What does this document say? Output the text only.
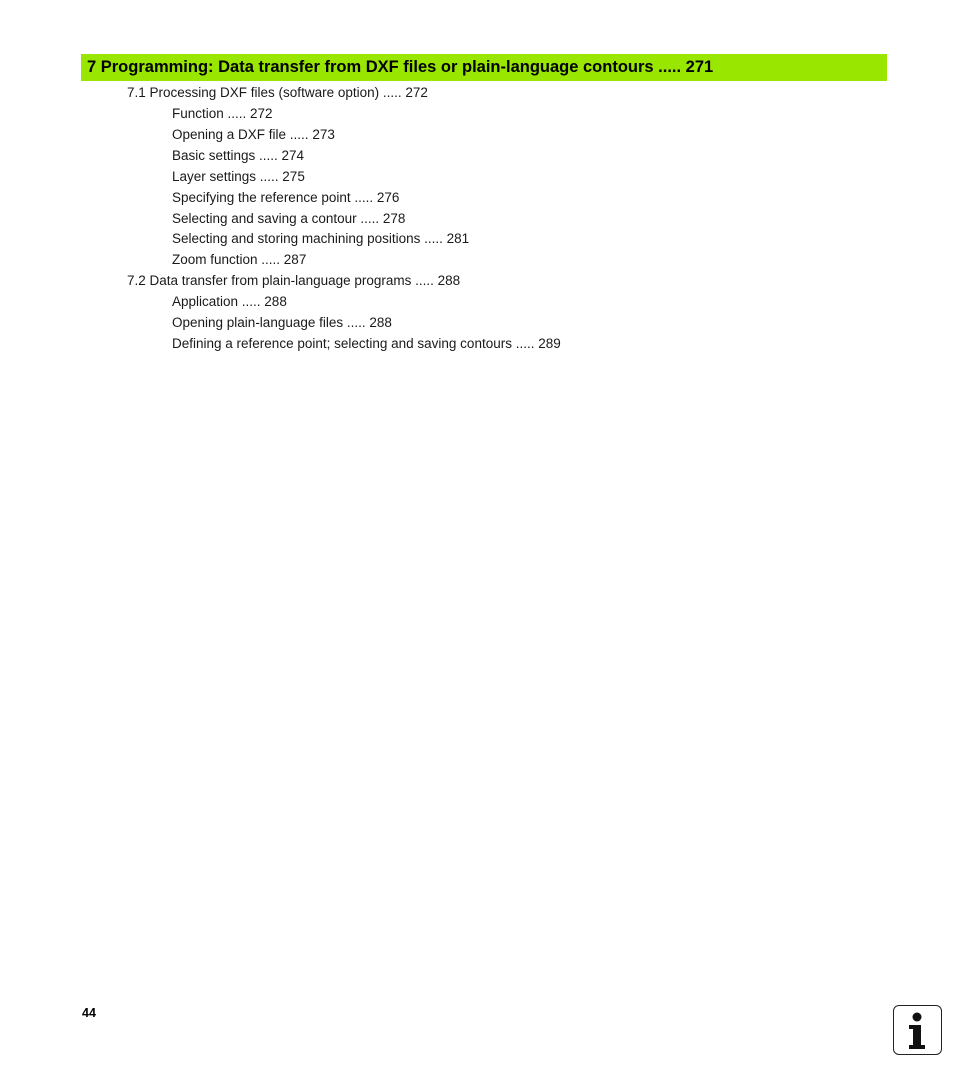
7 Programming: Data transfer from DXF files or plain-language contours ..... 271
7.1 Processing DXF files (software option) ..... 272
Function ..... 272
Opening a DXF file ..... 273
Basic settings ..... 274
Layer settings ..... 275
Specifying the reference point ..... 276
Selecting and saving a contour ..... 278
Selecting and storing machining positions ..... 281
Zoom function ..... 287
7.2 Data transfer from plain-language programs ..... 288
Application ..... 288
Opening plain-language files ..... 288
Defining a reference point; selecting and saving contours ..... 289
44
